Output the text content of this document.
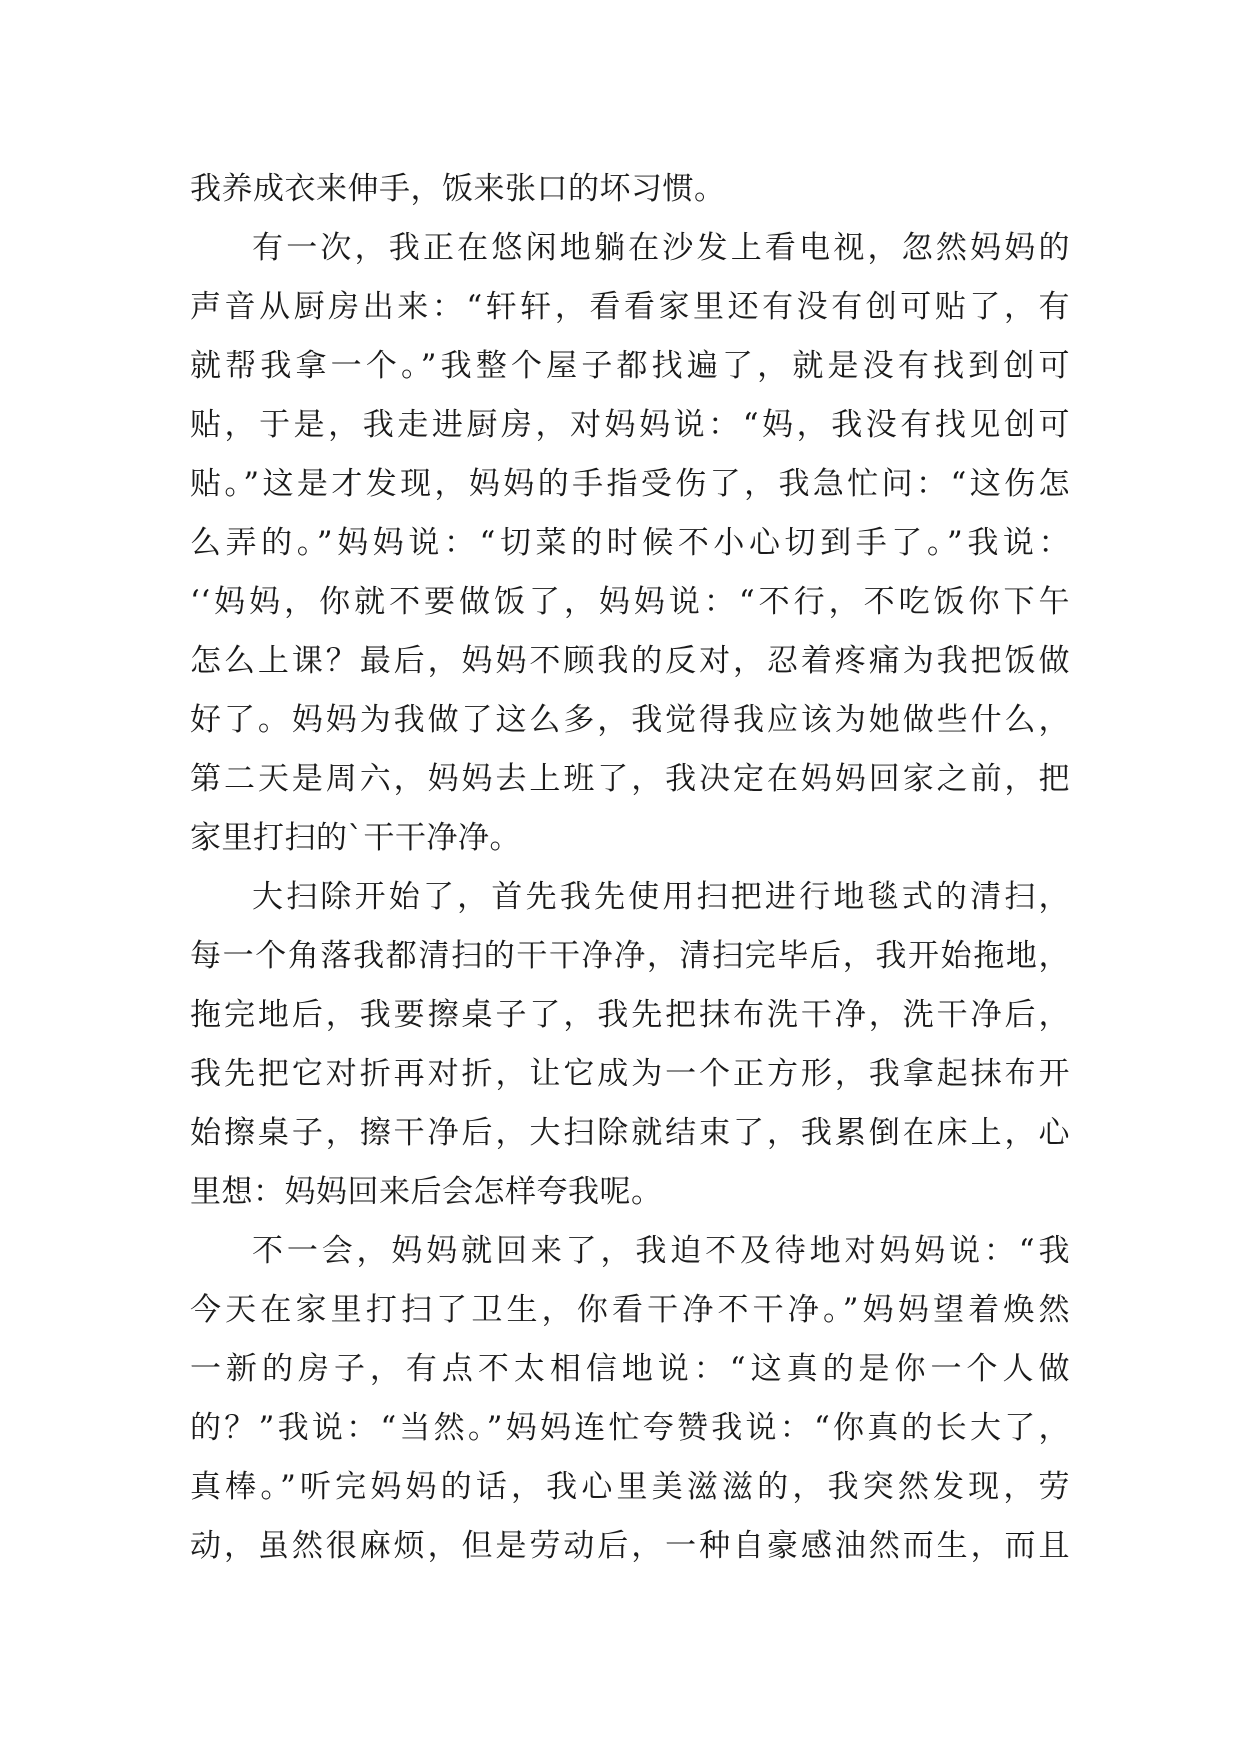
我养成衣来伸手，饭来张口的坏习惯。
有一次，我正在悠闲地躺在沙发上看电视，忽然妈妈的
声音从厨房出来：“轩轩，看看家里还有没有创可贴了，有
就帮我拿一个。”我整个屋子都找遍了，就是没有找到创可
贴，于是，我走进厨房，对妈妈说：“妈，我没有找见创可
贴。”这是才发现，妈妈的手指受伤了，我急忙问：“这伤怎
么弄的。”妈妈说：“切菜的时候不小心切到手了。”我说：
‘‘妈妈，你就不要做饭了，妈妈说：“不行，不吃饭你下午
怎么上课？最后，妈妈不顾我的反对，忍着疼痛为我把饭做
好了。妈妈为我做了这么多，我觉得我应该为她做些什么，
第二天是周六，妈妈去上班了，我决定在妈妈回家之前，把
家里打扫的`干干净净。
大扫除开始了，首先我先使用扫把进行地毯式的清扫，
每一个角落我都清扫的干干净净，清扫完毕后，我开始拖地，
拖完地后，我要擦桌子了，我先把抹布洗干净，洗干净后，
我先把它对折再对折，让它成为一个正方形，我拿起抹布开
始擦桌子，擦干净后，大扫除就结束了，我累倒在床上，心
里想：妈妈回来后会怎样夸我呢。
不一会，妈妈就回来了，我迫不及待地对妈妈说：“我
今天在家里打扫了卫生，你看干净不干净。”妈妈望着焕然
一新的房子，有点不太相信地说：“这真的是你一个人做
的？”我说：“当然。”妈妈连忙夸赞我说：“你真的长大了，
真棒。”听完妈妈的话，我心里美滋滋的，我突然发现，劳
动，虽然很麻烦，但是劳动后，一种自豪感油然而生，而且
